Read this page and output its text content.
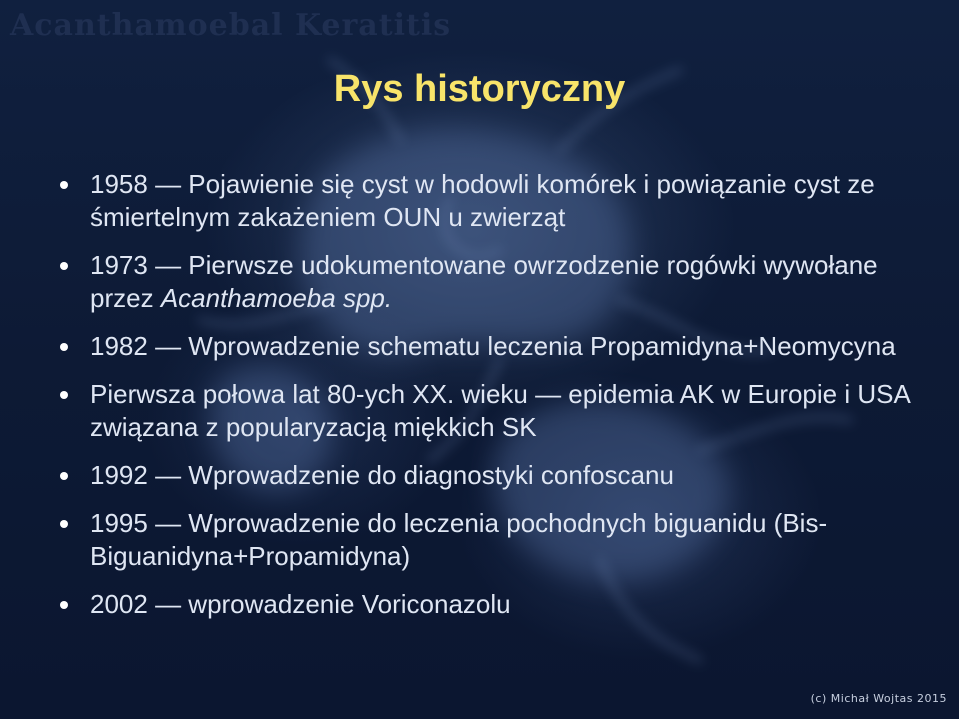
Acanthamoebal Keratitis
Rys historyczny
1958 — Pojawienie się cyst w hodowli komórek i powiązanie cyst ze śmiertelnym zakażeniem OUN u zwierząt
1973 — Pierwsze udokumentowane owrzodzenie rogówki wywołane przez Acanthamoeba spp.
1982 — Wprowadzenie schematu leczenia Propamidyna+Neomycyna
Pierwsza połowa lat 80-ych XX. wieku — epidemia AK w Europie i USA związana z popularyzacją miękkich SK
1992 — Wprowadzenie do diagnostyki confoscanu
1995 — Wprowadzenie do leczenia pochodnych biguanidu (Bis-Biguanidyna+Propamidyna)
2002 — wprowadzenie Voriconazolu
(c) Michał Wojtas 2015
